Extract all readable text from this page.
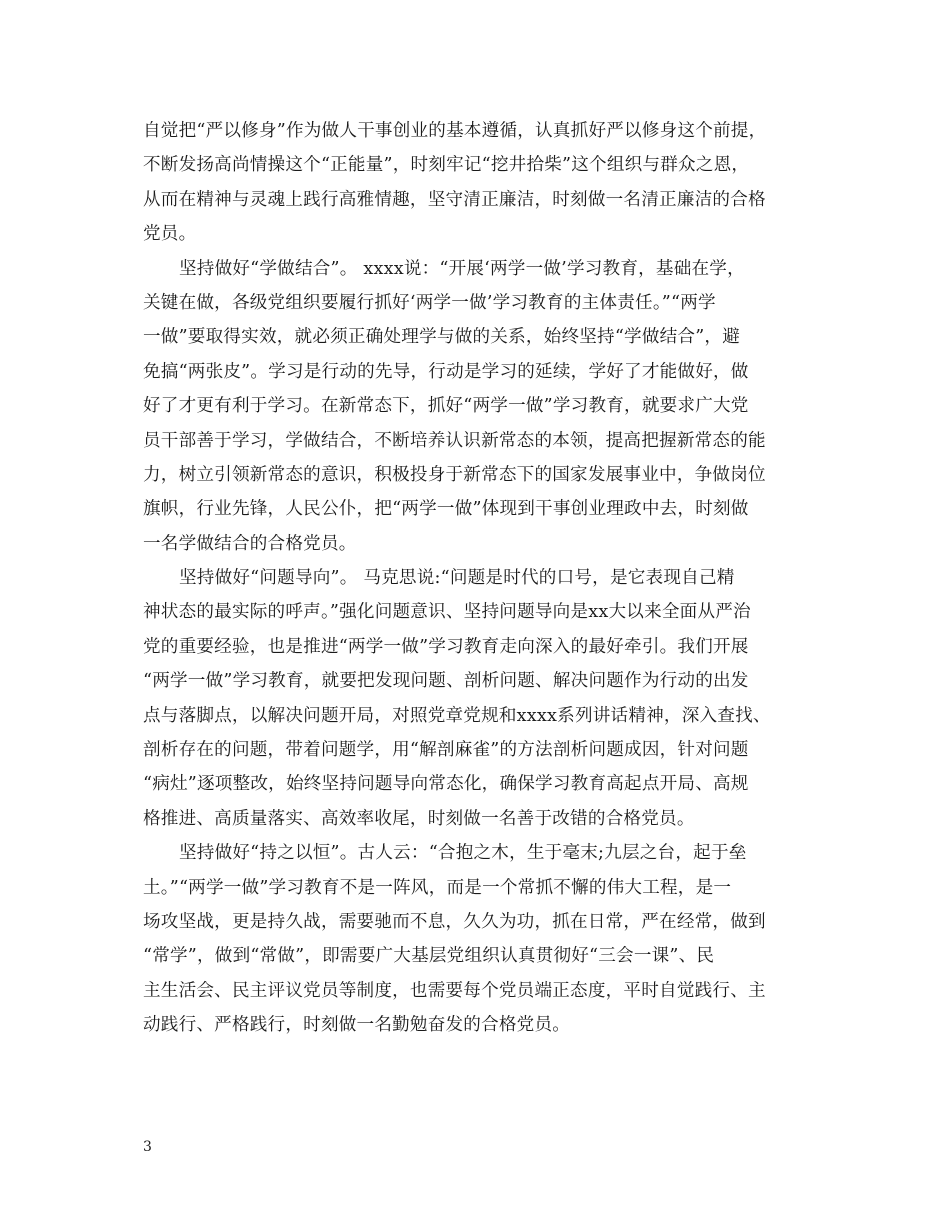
自觉把“严以修身”作为做人干事创业的基本遵循，认真抓好严以修身这个前提，
不断发扬高尚情操这个“正能量”，时刻牢记“挖井拾柴”这个组织与群众之恩，
从而在精神与灵魂上践行高雅情趣，坚守清正廉洁，时刻做一名清正廉洁的合格
党员。
坚持做好“学做结合”。 xxxx说：“开展‘两学一做’学习教育，基础在学，
关键在做，各级党组织要履行抓好‘两学一做’学习教育的主体责任。”“两学
一做”要取得实效，就必须正确处理学与做的关系，始终坚持“学做结合”，避
免搞“两张皮”。学习是行动的先导，行动是学习的延续，学好了才能做好，做
好了才更有利于学习。在新常态下，抓好“两学一做”学习教育，就要求广大党
员干部善于学习，学做结合，不断培养认识新常态的本领，提高把握新常态的能
力，树立引领新常态的意识，积极投身于新常态下的国家发展事业中，争做岗位
旗帜，行业先锋，人民公仆，把“两学一做”体现到干事创业理政中去，时刻做
一名学做结合的合格党员。
坚持做好“问题导向”。 马克思说:“问题是时代的口号，是它表现自己精
神状态的最实际的呼声。”强化问题意识、坚持问题导向是xx大以来全面从严治
党的重要经验，也是推进“两学一做”学习教育走向深入的最好牵引。我们开展
“两学一做”学习教育，就要把发现问题、剖析问题、解决问题作为行动的出发
点与落脚点，以解决问题开局，对照党章党规和xxxx系列讲话精神，深入查找、
剖析存在的问题，带着问题学，用“解剖麻雀”的方法剖析问题成因，针对问题
“病灶”逐项整改，始终坚持问题导向常态化，确保学习教育高起点开局、高规
格推进、高质量落实、高效率收尾，时刻做一名善于改错的合格党员。
坚持做好“持之以恒”。古人云：“合抱之木，生于毫末;九层之台，起于垒
土。”“两学一做”学习教育不是一阵风，而是一个常抓不懈的伟大工程，是一
场攻坚战，更是持久战，需要驰而不息，久久为功，抓在日常，严在经常，做到
“常学”，做到“常做”，即需要广大基层党组织认真贯彻好“三会一课”、民
主生活会、民主评议党员等制度，也需要每个党员端正态度，平时自觉践行、主
动践行、严格践行，时刻做一名勤勉奋发的合格党员。
3
